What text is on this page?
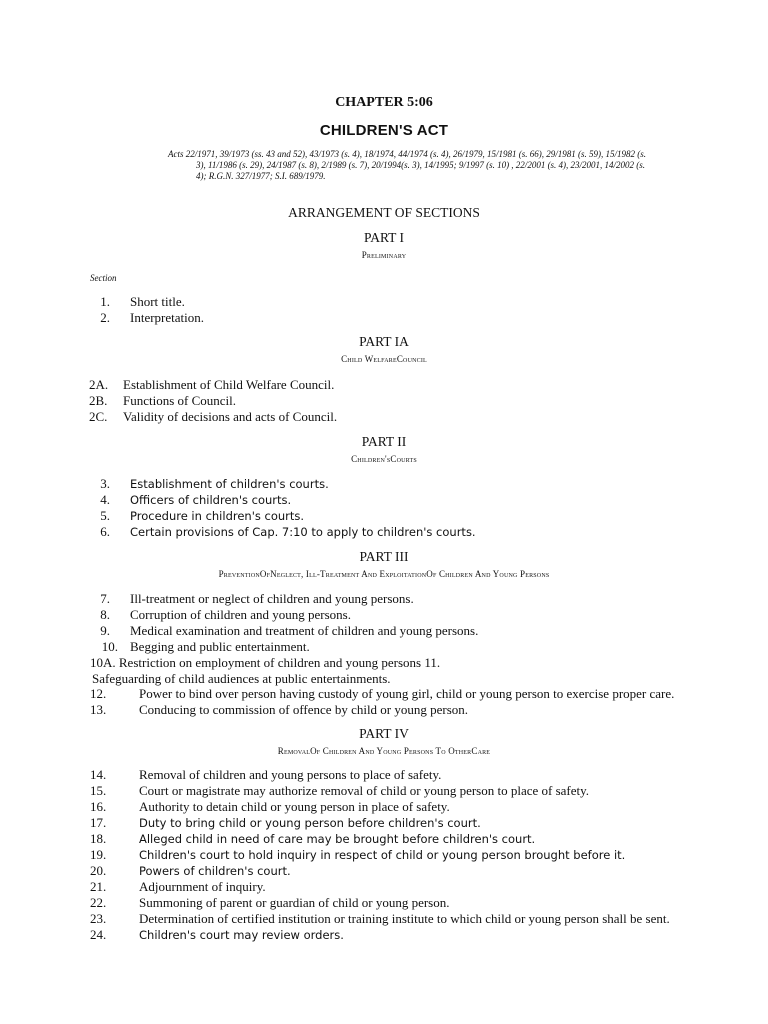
CHAPTER 5:06
CHILDREN'S ACT
Acts 22/1971, 39/1973 (ss. 43 and 52), 43/1973 (s. 4), 18/1974, 44/1974 (s. 4), 26/1979, 15/1981 (s. 66), 29/1981 (s. 59), 15/1982 (s.
3), 11/1986 (s. 29), 24/1987 (s. 8), 2/1989 (s. 7), 20/1994(s. 3), 14/1995; 9/1997 (s. 10) , 22/2001 (s. 4), 23/2001, 14/2002 (s.
4); R.G.N. 327/1977; S.I. 689/1979.
ARRANGEMENT OF SECTIONS
PART I
Preliminary
Section
1. Short title.
2. Interpretation.
PART IA
Child WelfareCouncil
2A. Establishment of Child Welfare Council.
2B. Functions of Council.
2C. Validity of decisions and acts of Council.
PART II
Children'sCourts
3. Establishment of children's courts.
4. Officers of children's courts.
5. Procedure in children's courts.
6. Certain provisions of Cap. 7:10 to apply to children's courts.
PART III
PreventionOfNeglect, Ill-Treatment And ExploitationOf Children And Young Persons
7. Ill-treatment or neglect of children and young persons.
8. Corruption of children and young persons.
9. Medical examination and treatment of children and young persons.
10. Begging and public entertainment.
10A. Restriction on employment of children and young persons 11.
Safeguarding of child audiences at public entertainments.
12.	Power to bind over person having custody of young girl, child or young person to exercise proper care.
13.	Conducing to commission of offence by child or young person.
PART IV
RemovalOf Children And Young Persons To OtherCare
14.	Removal of children and young persons to place of safety.
15.	Court or magistrate may authorize removal of child or young person to place of safety.
16.	Authority to detain child or young person in place of safety.
17.	Duty to bring child or young person before children's court.
18.	Alleged child in need of care may be brought before children's court.
19.	Children's court to hold inquiry in respect of child or young person brought before it.
20.	Powers of children's court.
21.	Adjournment of inquiry.
22.	Summoning of parent or guardian of child or young person.
23.	Determination of certified institution or training institute to which child or young person shall be sent.
24.	Children's court may review orders.
